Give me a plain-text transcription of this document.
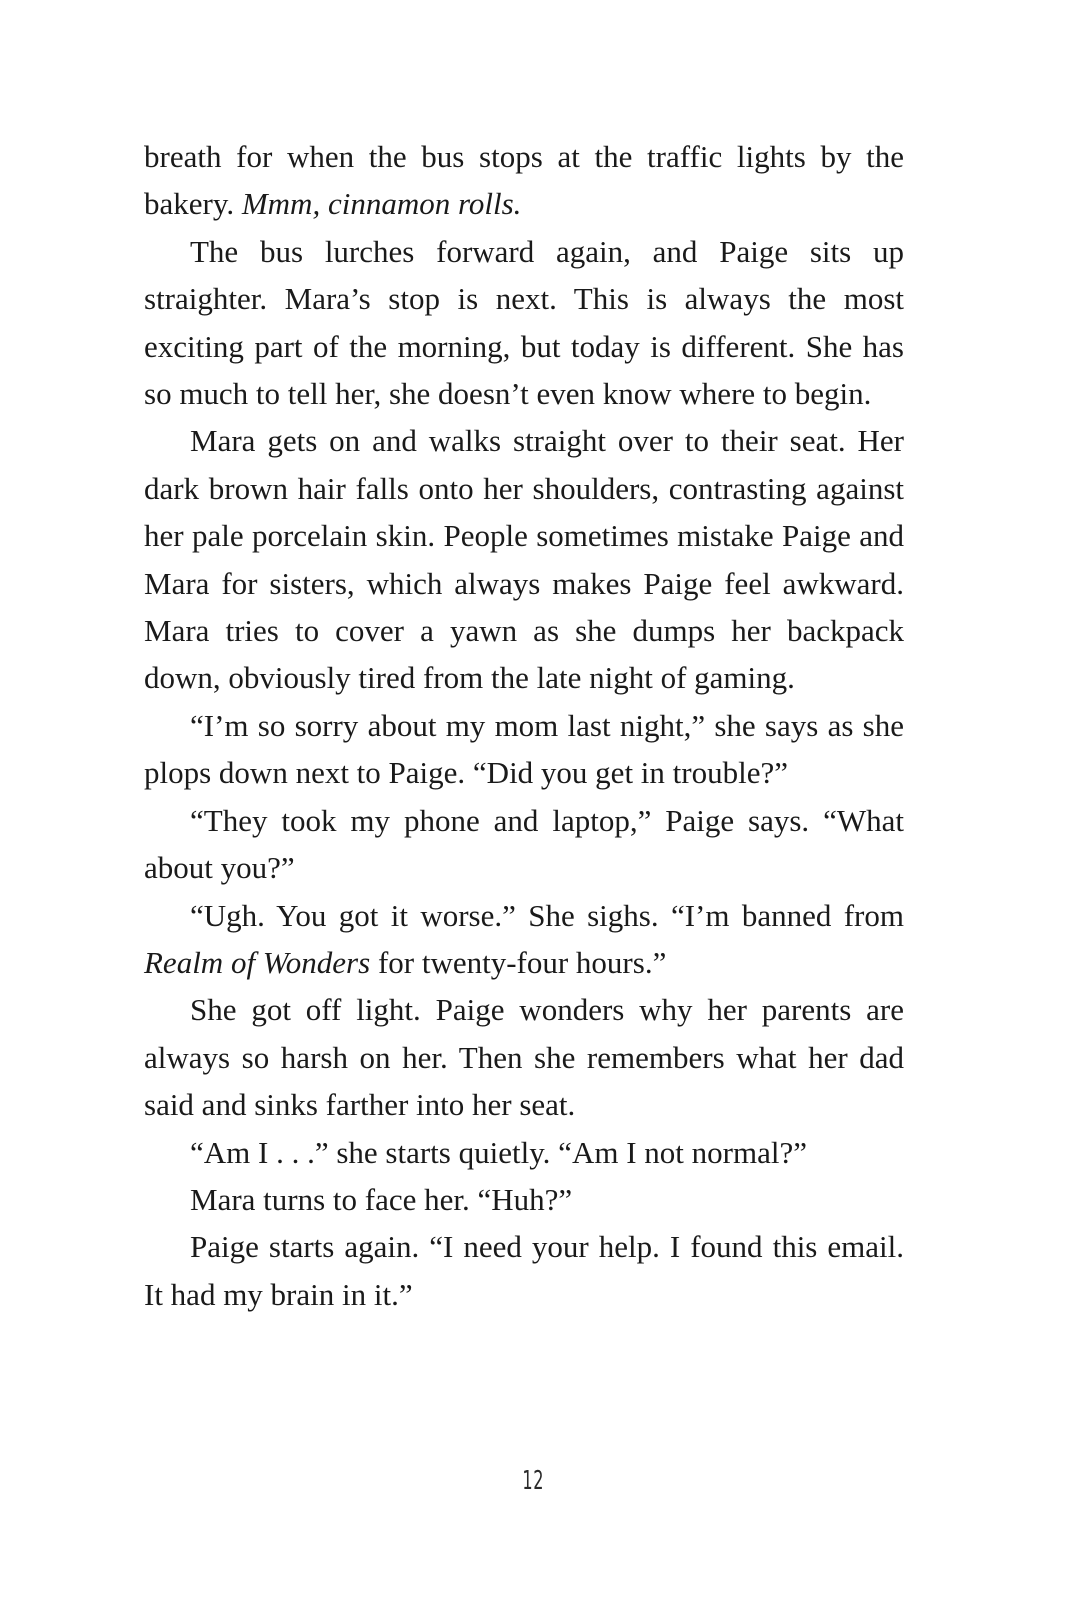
breath for when the bus stops at the traffic lights by the bakery. Mmm, cinnamon rolls.

The bus lurches forward again, and Paige sits up straighter. Mara’s stop is next. This is always the most exciting part of the morning, but today is different. She has so much to tell her, she doesn’t even know where to begin.

Mara gets on and walks straight over to their seat. Her dark brown hair falls onto her shoulders, contrasting against her pale porcelain skin. People sometimes mistake Paige and Mara for sisters, which always makes Paige feel awkward. Mara tries to cover a yawn as she dumps her backpack down, obviously tired from the late night of gaming.

“I’m so sorry about my mom last night,” she says as she plops down next to Paige. “Did you get in trouble?”

“They took my phone and laptop,” Paige says. “What about you?”

“Ugh. You got it worse.” She sighs. “I’m banned from Realm of Wonders for twenty-four hours.”

She got off light. Paige wonders why her parents are always so harsh on her. Then she remembers what her dad said and sinks farther into her seat.

“Am I . . .” she starts quietly. “Am I not normal?”

Mara turns to face her. “Huh?”

Paige starts again. “I need your help. I found this email. It had my brain in it.”

12
